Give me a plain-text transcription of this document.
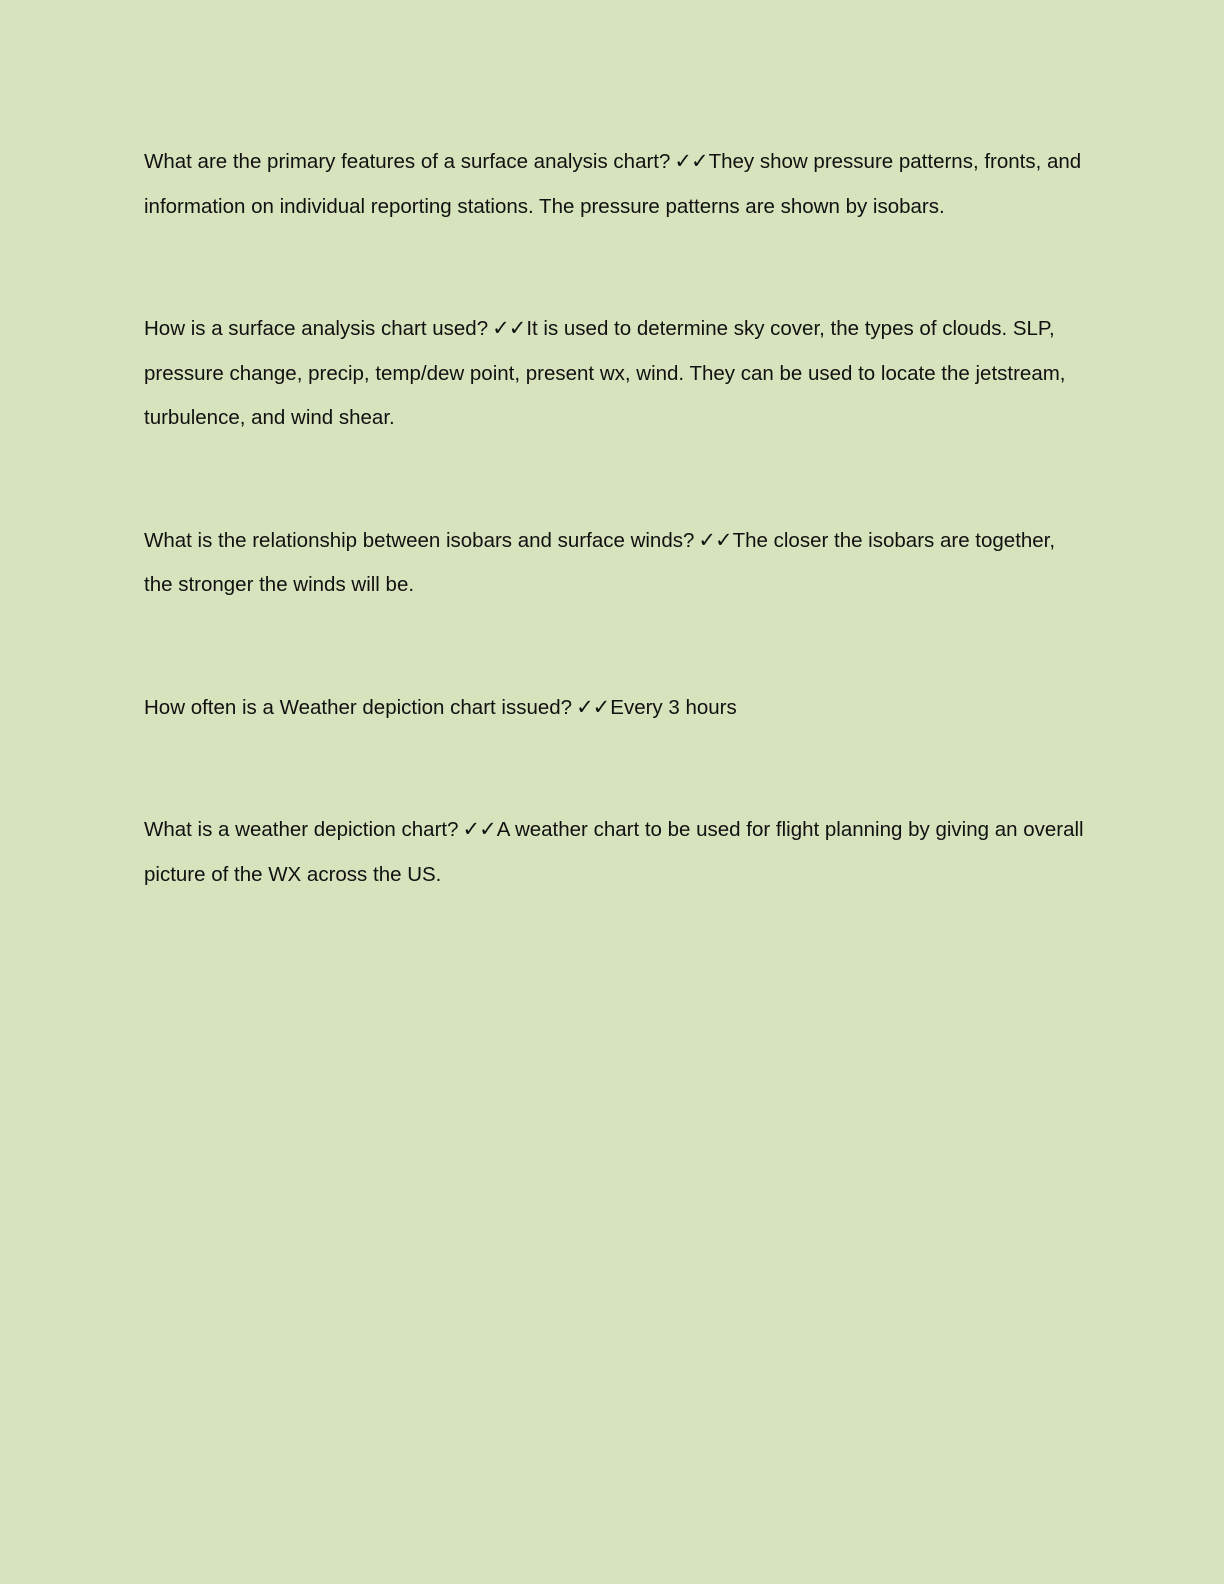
What are the primary features of a surface analysis chart? ✓✓They show pressure patterns, fronts, and information on individual reporting stations. The pressure patterns are shown by isobars.

How is a surface analysis chart used? ✓✓It is used to determine sky cover, the types of clouds. SLP, pressure change, precip, temp/dew point, present wx, wind. They can be used to locate the jetstream, turbulence, and wind shear.

What is the relationship between isobars and surface winds? ✓✓The closer the isobars are together, the stronger the winds will be.

How often is a Weather depiction chart issued? ✓✓Every 3 hours

What is a weather depiction chart? ✓✓A weather chart to be used for flight planning by giving an overall picture of the WX across the US.
